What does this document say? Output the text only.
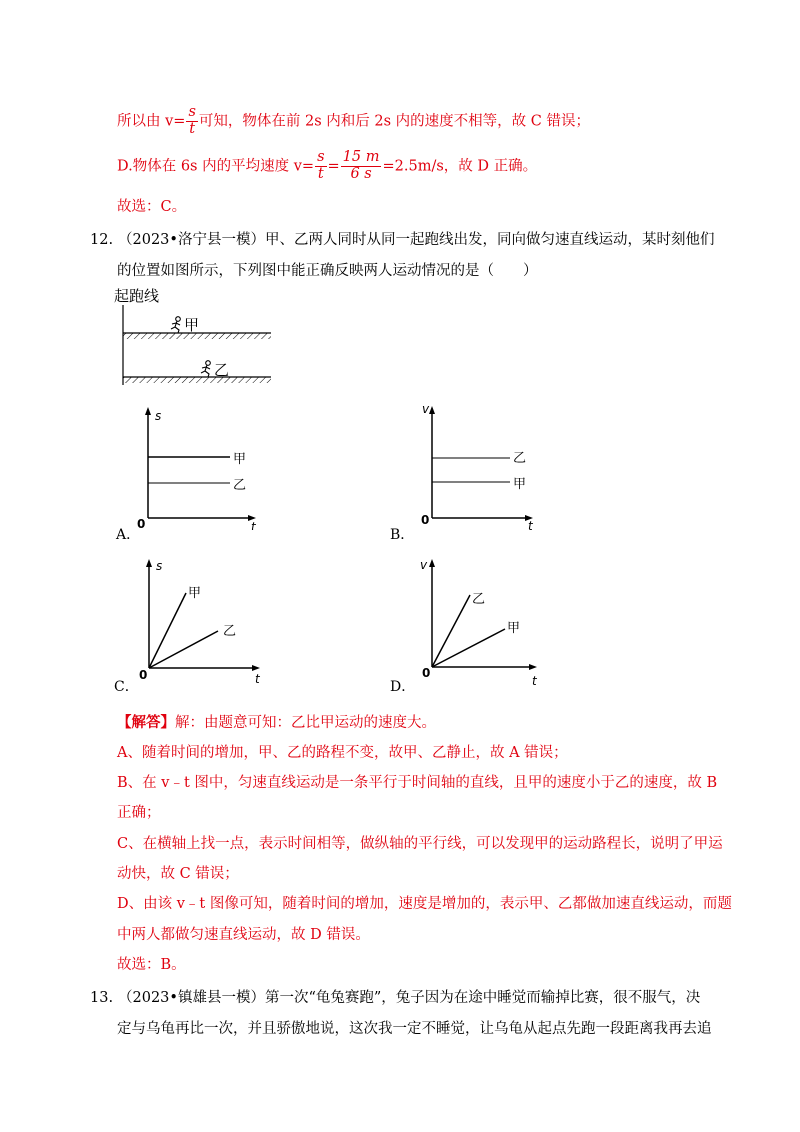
所以由 $v= \frac{s}{t}$ 可知，物体在前 2s 内和后 2s 内的速度不相等，故 C 错误；
D.物体在 6s 内的平均速度 $v= \frac{s}{t} = \frac{15 m}{6 s} =2.5m/s$，故 D 正确。
故选：C。
12. （2023•洛宁县一模）甲、乙两人同时从同一起跑线出发，同向做匀速直线运动，某时刻他们
的位置如图所示，下列图中能正确反映两人运动情况的是（　　）
起跑线
甲
乙
s
t
0
甲
乙
A．
v
t
0
乙
甲
B．
s
t
0
甲
乙
C．
v
t
0
乙
甲
D．
【解答】解：由题意可知：乙比甲运动的速度大。
A、随着时间的增加，甲、乙的路程不变，故甲、乙静止，故 A 错误；
B、在 v﹣t 图中，匀速直线运动是一条平行于时间轴的直线，且甲的速度小于乙的速度，故 B
正确；
C、在横轴上找一点，表示时间相等，做纵轴的平行线，可以发现甲的运动路程长，说明了甲运
动快，故 C 错误；
D、由该 v﹣t 图像可知，随着时间的增加，速度是增加的，表示甲、乙都做加速直线运动，而题
中两人都做匀速直线运动，故 D 错误。
故选：B。
13. （2023•镇雄县一模）第一次“龟兔赛跑”，兔子因为在途中睡觉而输掉比赛，很不服气，决
定与乌龟再比一次，并且骄傲地说，这次我一定不睡觉，让乌龟从起点先跑一段距离我再去追
